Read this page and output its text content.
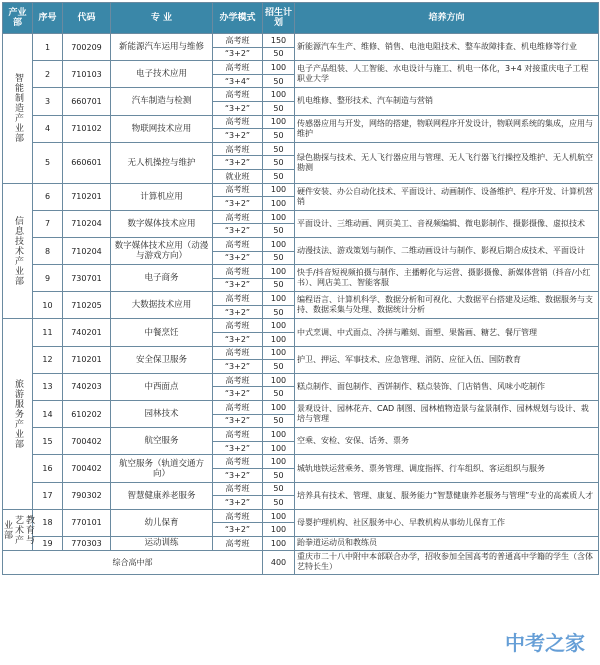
产业部	序号	代码	专 业	办学模式	招生计划	培养方向
智能制造产业部	1	700209	新能源汽车运用与维修	高考班	150	新能源汽车生产、维修、销售、电池电阻技术、整车故障排查、机电维修等行业
				“3+2”	50	
	2	710103	电子技术应用	高考班	100	电子产品组装、人工智能、水电设计与施工、机电一体化，3+4 对接重庆电子工程职业大学
				“3+4”	50	
	3	660701	汽车制造与检测	高考班	100	机电维修、整形技术、汽车制造与营销
				“3+2”	50	
	4	710102	物联网技术应用	高考班	100	传感器应用与开发，网络的搭建，物联网程序开发设计，物联网系统的集成，应用与维护
				“3+2”	50	
	5	660601	无人机操控与维护	高考班	50	绿色勘探与技术、无人飞行器应用与管理、无人飞行器飞行操控及维护、无人机航空勘测
				“3+2”	50	
				就业班	50	
信息技术产业部	6	710201	计算机应用	高考班	100	硬件安装、办公自动化技术、平面设计、动画制作、设备维护、程序开发、计算机营销
				“3+2”	100	
	7	710204	数字媒体技术应用	高考班	100	平面设计、三维动画、网页美工、音视频编辑、微电影制作、摄影摄像、虚拟技术
				“3+2”	50	
	8	710204	数字媒体技术应用（动漫与游戏方向）	高考班	100	动漫技法、游戏策划与制作、二维动画设计与制作、影视后期合成技术、平面设计
				“3+2”	50	
	9	730701	电子商务	高考班	100	快手/抖音短视频拍摄与制作、主播孵化与运营、摄影摄像、新媒体营销（抖音/小红书）、网店美工、智能客服
				“3+2”	50	
	10	710205	大数据技术应用	高考班	100	编程语言、计算机科学、数据分析和可视化、大数据平台搭建及运维、数据服务与支持、数据采集与处理、数据统计分析
				“3+2”	50	
旅游服务产业部	11	740201	中餐烹饪	高考班	100	中式烹调、中式面点、冷拼与雕刻、面塑、果酱画、糖艺、餐厅管理
				“3+2”	100	
	12	710201	安全保卫服务	高考班	100	护卫、押运、军事技术、应急管理、消防、应征入伍、国防教育
				“3+2”	50	
	13	740203	中西面点	高考班	100	糕点制作、面包制作、西饼制作、糕点装饰、门店销售、风味小吃制作
				“3+2”	50	
	14	610202	园林技术	高考班	100	景观设计、园林花卉、CAD 制图、园林植物造景与盆景制作、园林规划与设计、栽培与管理
				“3+2”	50	
	15	700402	航空服务	高考班	100	空乘、安检、安保、话务、票务
				“3+2”	100	
	16	700402	航空服务（轨道交通方向）	高考班	100	城轨地铁运营乘务、票务管理、调度指挥、行车组织、客运组织与服务
				“3+2”	50	
	17	790302	智慧健康养老服务	高考班	50	培养具有技术、管理、康复、服务能力“智慧健康养老服务与管理”专业的高素质人才
				“3+2”	50	
教育与艺术产业部	18	770101	幼儿保育	高考班	100	母婴护理机构、社区服务中心、早教机构从事幼儿保育工作
				“3+2”	100	
	19	770303	运动训练	高考班	100	跆拳道运动员和教练员
综合高中部					400	重庆市二十八中附中本部联合办学，招收参加全国高考的普通高中学籍的学生（含体艺特长生）
中考之家
